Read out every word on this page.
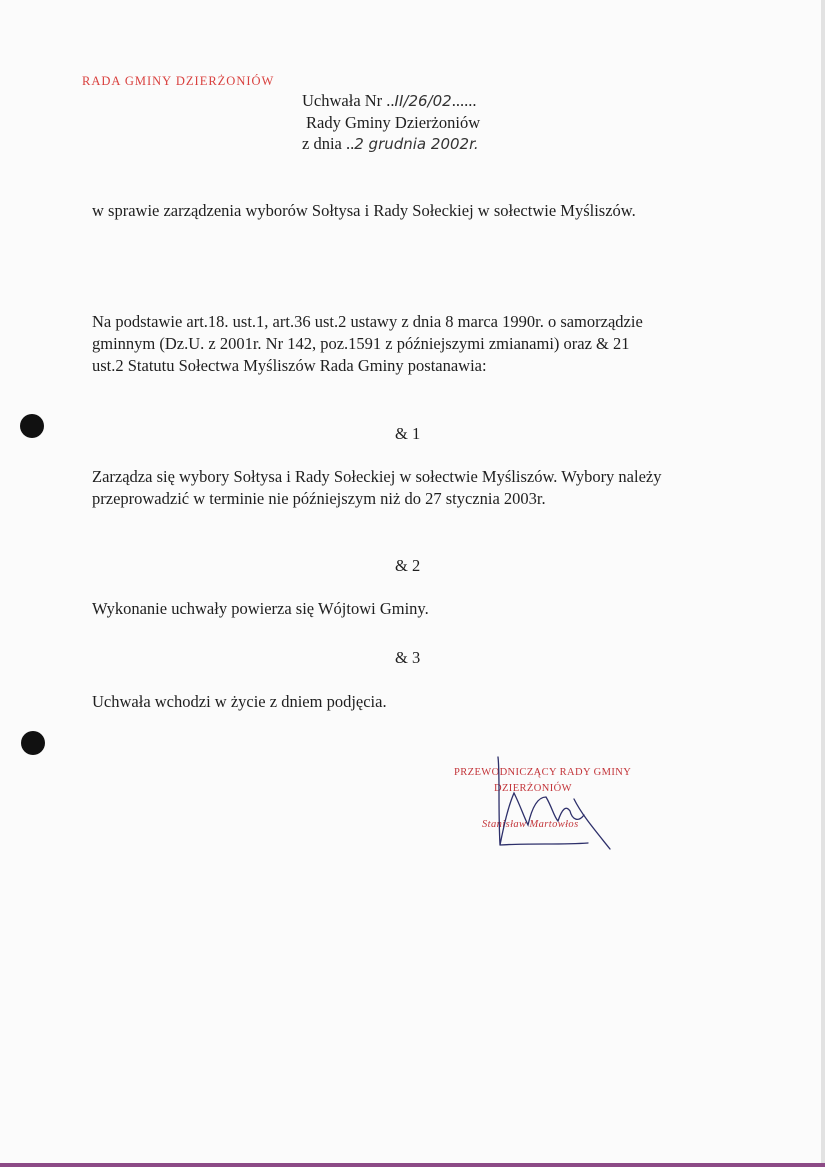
RADA GMINY DZIERŻONIÓW
Uchwała Nr ..II/26/02......
Rady Gminy Dzierżoniów
z dnia ..2 grudnia 2002r.

w sprawie zarządzenia wyborów Sołtysa i Rady Sołeckiej w sołectwie Myśliszów.

Na podstawie art.18. ust.1, art.36 ust.2 ustawy z dnia 8 marca 1990r. o samorządzie gminnym (Dz.U. z 2001r. Nr 142, poz.1591 z późniejszymi zmianami) oraz & 21 ust.2 Statutu Sołectwa Myśliszów Rada Gminy postanawia:

& 1

Zarządza się wybory Sołtysa i Rady Sołeckiej w sołectwie Myśliszów. Wybory należy przeprowadzić w terminie nie późniejszym niż do 27 stycznia 2003r.

& 2

Wykonanie uchwały powierza się Wójtowi Gminy.

& 3

Uchwała wchodzi w życie z dniem podjęcia.

PRZEWODNICZĄCY RADY GMINY
DZIERŻONIÓW
Stanisław Martowłos
